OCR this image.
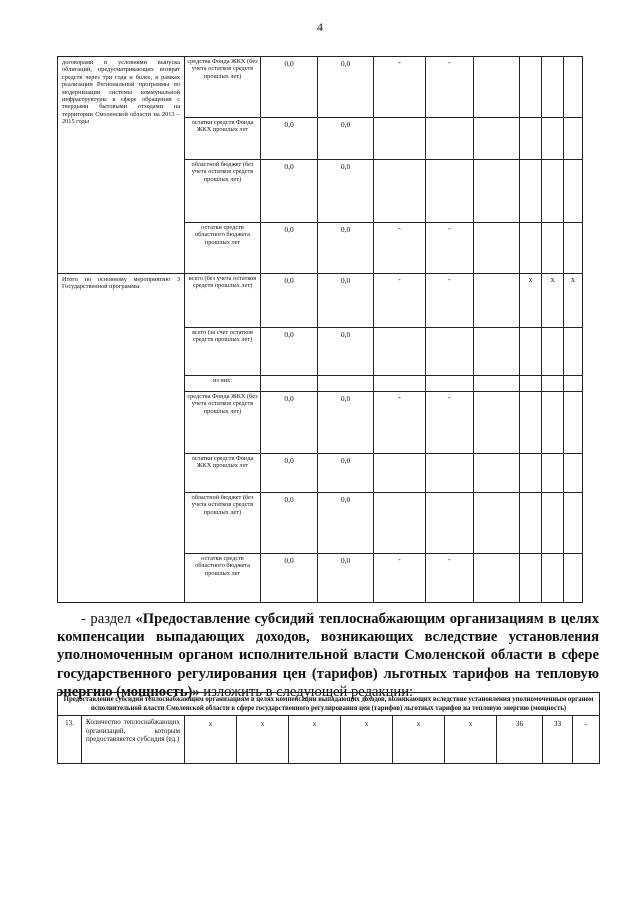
4
договорами и условиями выпуска облигаций, предусматривающих возврат средств через три года и более, в рамках реализации Региональной программы по модернизации системы коммунальной инфраструктуры в сфере обращения с твердыми бытовыми отходами на территории Смоленской области на 2013 – 2015 годы	средства Фонда ЖКХ (без учета остатков средств прошлых лет)	0,0	0,0	-	-				
	остатки средств Фонда ЖКХ прошлых лет	0,0	0,0						
	областной бюджет (без учета остатков средств прошлых лет)	0,0	0,0						
	остатки средств областного бюджета прошлых лет	0,0	0,0	-	-				
Итого по основному мероприятию 3 Государственной программы	всего (без учета остатков средств прошлых лет)	0,0	0,0	-	-		х	х	х
	всего (за счет остатков средств прошлых лет)	0,0	0,0						
	из них:								
	средства Фонда ЖКХ (без учета остатков средств прошлых лет)	0,0	0,0	-	-				
	остатки средств Фонда ЖКХ прошлых лет	0,0	0,0						
	областной бюджет (без учета остатков средств прошлых лет)	0,0	0,0						
	остатки средств областного бюджета прошлых лет	0,0	0,0	-	-				
- раздел «Предоставление субсидий теплоснабжающим организациям в целях компенсации выпадающих доходов, возникающих вследствие установления уполномоченным органом исполнительной власти Смоленской области в сфере государственного регулирования цен (тарифов) льготных тарифов на тепловую энергию (мощность)» изложить в следующей редакции:
Предоставление субсидий теплоснабжающим организациям в целях компенсации выпадающих доходов, возникающих вследствие установления уполномоченным органом исполнительной власти Смоленской области в сфере государственного регулирования цен (тарифов) льготных тарифов на тепловую энергию (мощность)
13.	Количество теплоснабжающих организаций, которым предоставляется субсидия (ед.)	х	х	х	х	х	х	36	33	-
